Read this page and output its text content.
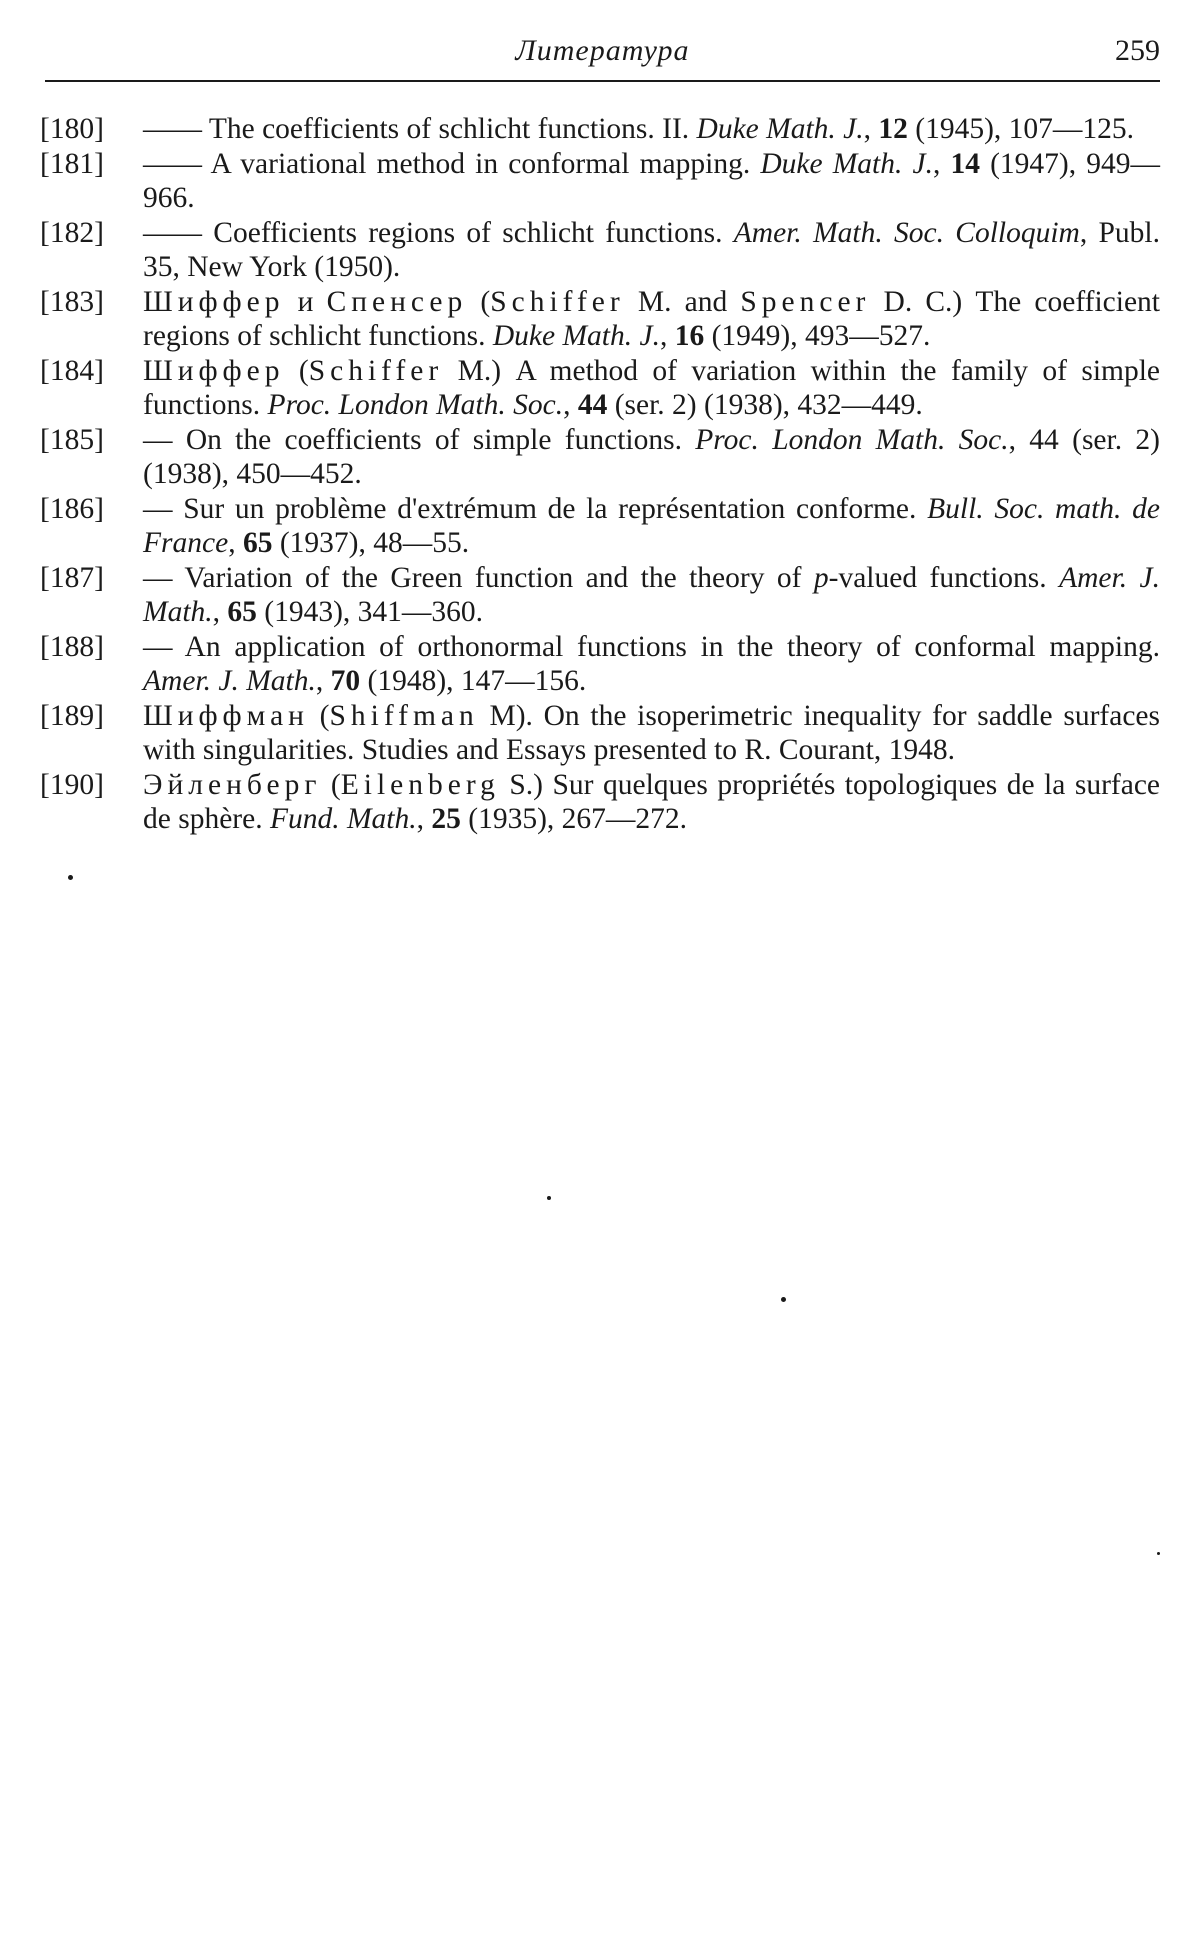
Литература	259
[180] —— The coefficients of schlicht functions. II. Duke Math. J., 12 (1945), 107—125.
[181] —— A variational method in conformal mapping. Duke Math. J., 14 (1947), 949—966.
[182] —— Coefficients regions of schlicht functions. Amer. Math. Soc. Colloquim, Publ. 35, New York (1950).
[183] Шиффер и Спенсер (Schiffer M. and Spencer D. C.) The coefficient regions of schlicht functions. Duke Math. J., 16 (1949), 493—527.
[184] Шиффер (Schiffer M.) A method of variation within the family of simple functions. Proc. London Math. Soc., 44 (ser. 2) (1938), 432—449.
[185] — On the coefficients of simple functions. Proc. London Math. Soc., 44 (ser. 2) (1938), 450—452.
[186] — Sur un problème d'extrémum de la représentation conforme. Bull. Soc. math. de France, 65 (1937), 48—55.
[187] — Variation of the Green function and the theory of p-valued functions. Amer. J. Math., 65 (1943), 341—360.
[188] — An application of orthonormal functions in the theory of conformal mapping. Amer. J. Math., 70 (1948), 147—156.
[189] Шиффман (Shiffman M). On the isoperimetric inequality for saddle surfaces with singularities. Studies and Essays presented to R. Courant, 1948.
[190] Эйленберг (Eilenberg S.) Sur quelques propriétés topologiques de la surface de sphère. Fund. Math., 25 (1935), 267—272.
